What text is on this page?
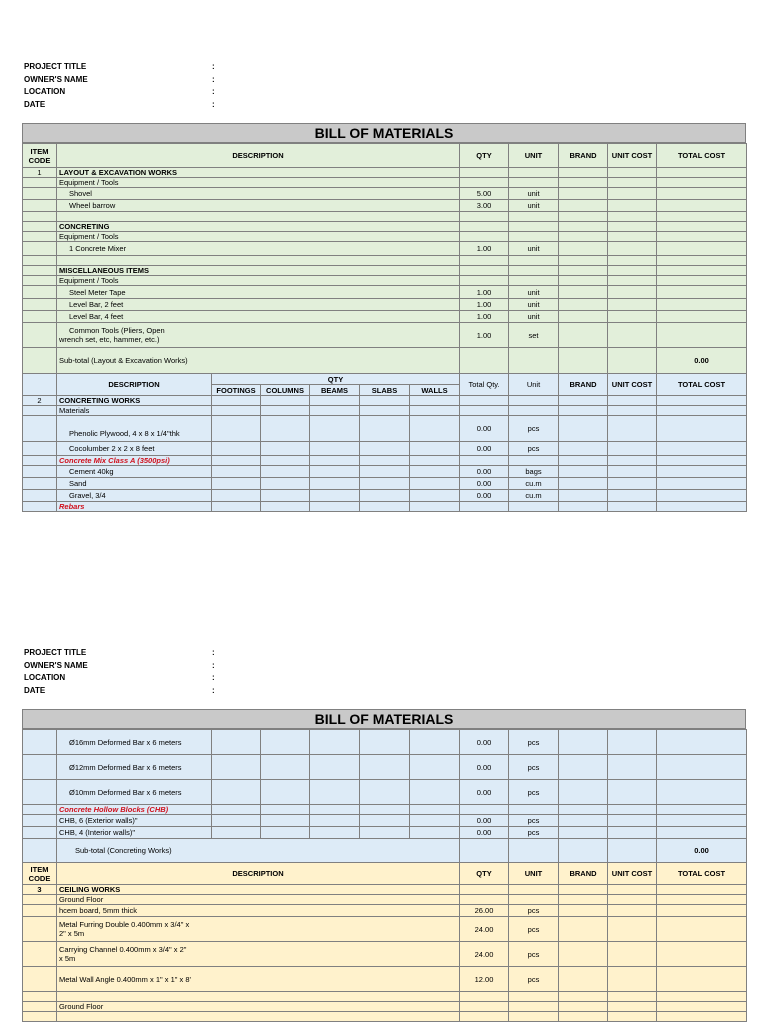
PROJECT TITLE	:
OWNER'S NAME	:
LOCATION	:
DATE	:
BILL OF MATERIALS
ITEM CODE	DESCRIPTION						QTY	UNIT	BRAND	UNIT COST	TOTAL COST
1	LAYOUT & EXCAVATION WORKS										
	Equipment / Tools										
	Shovel						5.00	unit			
	Wheel barrow						3.00	unit			

	CONCRETING										
	Equipment / Tools										
	1 Concrete Mixer						1.00	unit			

	MISCELLANEOUS ITEMS										
	Equipment / Tools										
	Steel Meter Tape						1.00	unit			
	Level Bar, 2 feet						1.00	unit			
	Level Bar, 4 feet						1.00	unit			

	Common Tools (Pliers, Open
wrench set, etc, hammer, etc.)						1.00	set			
	Sub-total (Layout & Excavation Works)										0.00
	DESCRIPTION	QTY					Total Qty.	Unit	BRAND	UNIT COST	TOTAL COST
		FOOTINGS	COLUMNS	BEAMS	SLABS	WALLS					
2	CONCRETING WORKS										
	Materials										
	Phenolic Plywood, 4 x 8 x 1/4"thk						0.00	pcs			
	Cocolumber 2 x 2 x 8 feet						0.00	pcs			
	Concrete Mix Class A (3500psi)										
	Cement 40kg						0.00	bags			
	Sand						0.00	cu.m			
	Gravel, 3/4						0.00	cu.m			
	Rebars										
PROJECT TITLE	:
OWNER'S NAME	:
LOCATION	:
DATE	:
BILL OF MATERIALS
	Ø16mm Deformed Bar x 6 meters						0.00	pcs			
	Ø12mm Deformed Bar x 6 meters						0.00	pcs			
	Ø10mm Deformed Bar x 6 meters						0.00	pcs			
	Concrete Hollow Blocks (CHB)										
	CHB, 6 (Exterior walls)"						0.00	pcs			
	CHB, 4 (Interior walls)"						0.00	pcs			
	Sub-total (Concreting Works)										0.00
ITEM CODE	DESCRIPTION						QTY	UNIT	BRAND	UNIT COST	TOTAL COST
3	CEILING WORKS										
	Ground Floor										
	hcem board, 5mm thick						26.00	pcs			

	Metal Furring Double 0.400mm x 3/4" x
2" x 5m						24.00	pcs			

	Carrying Channel 0.400mm x 3/4" x 2"
x 5m						24.00	pcs			
	Metal Wall Angle 0.400mm x 1" x 1" x 8'						12.00	pcs			

	Ground Floor										
